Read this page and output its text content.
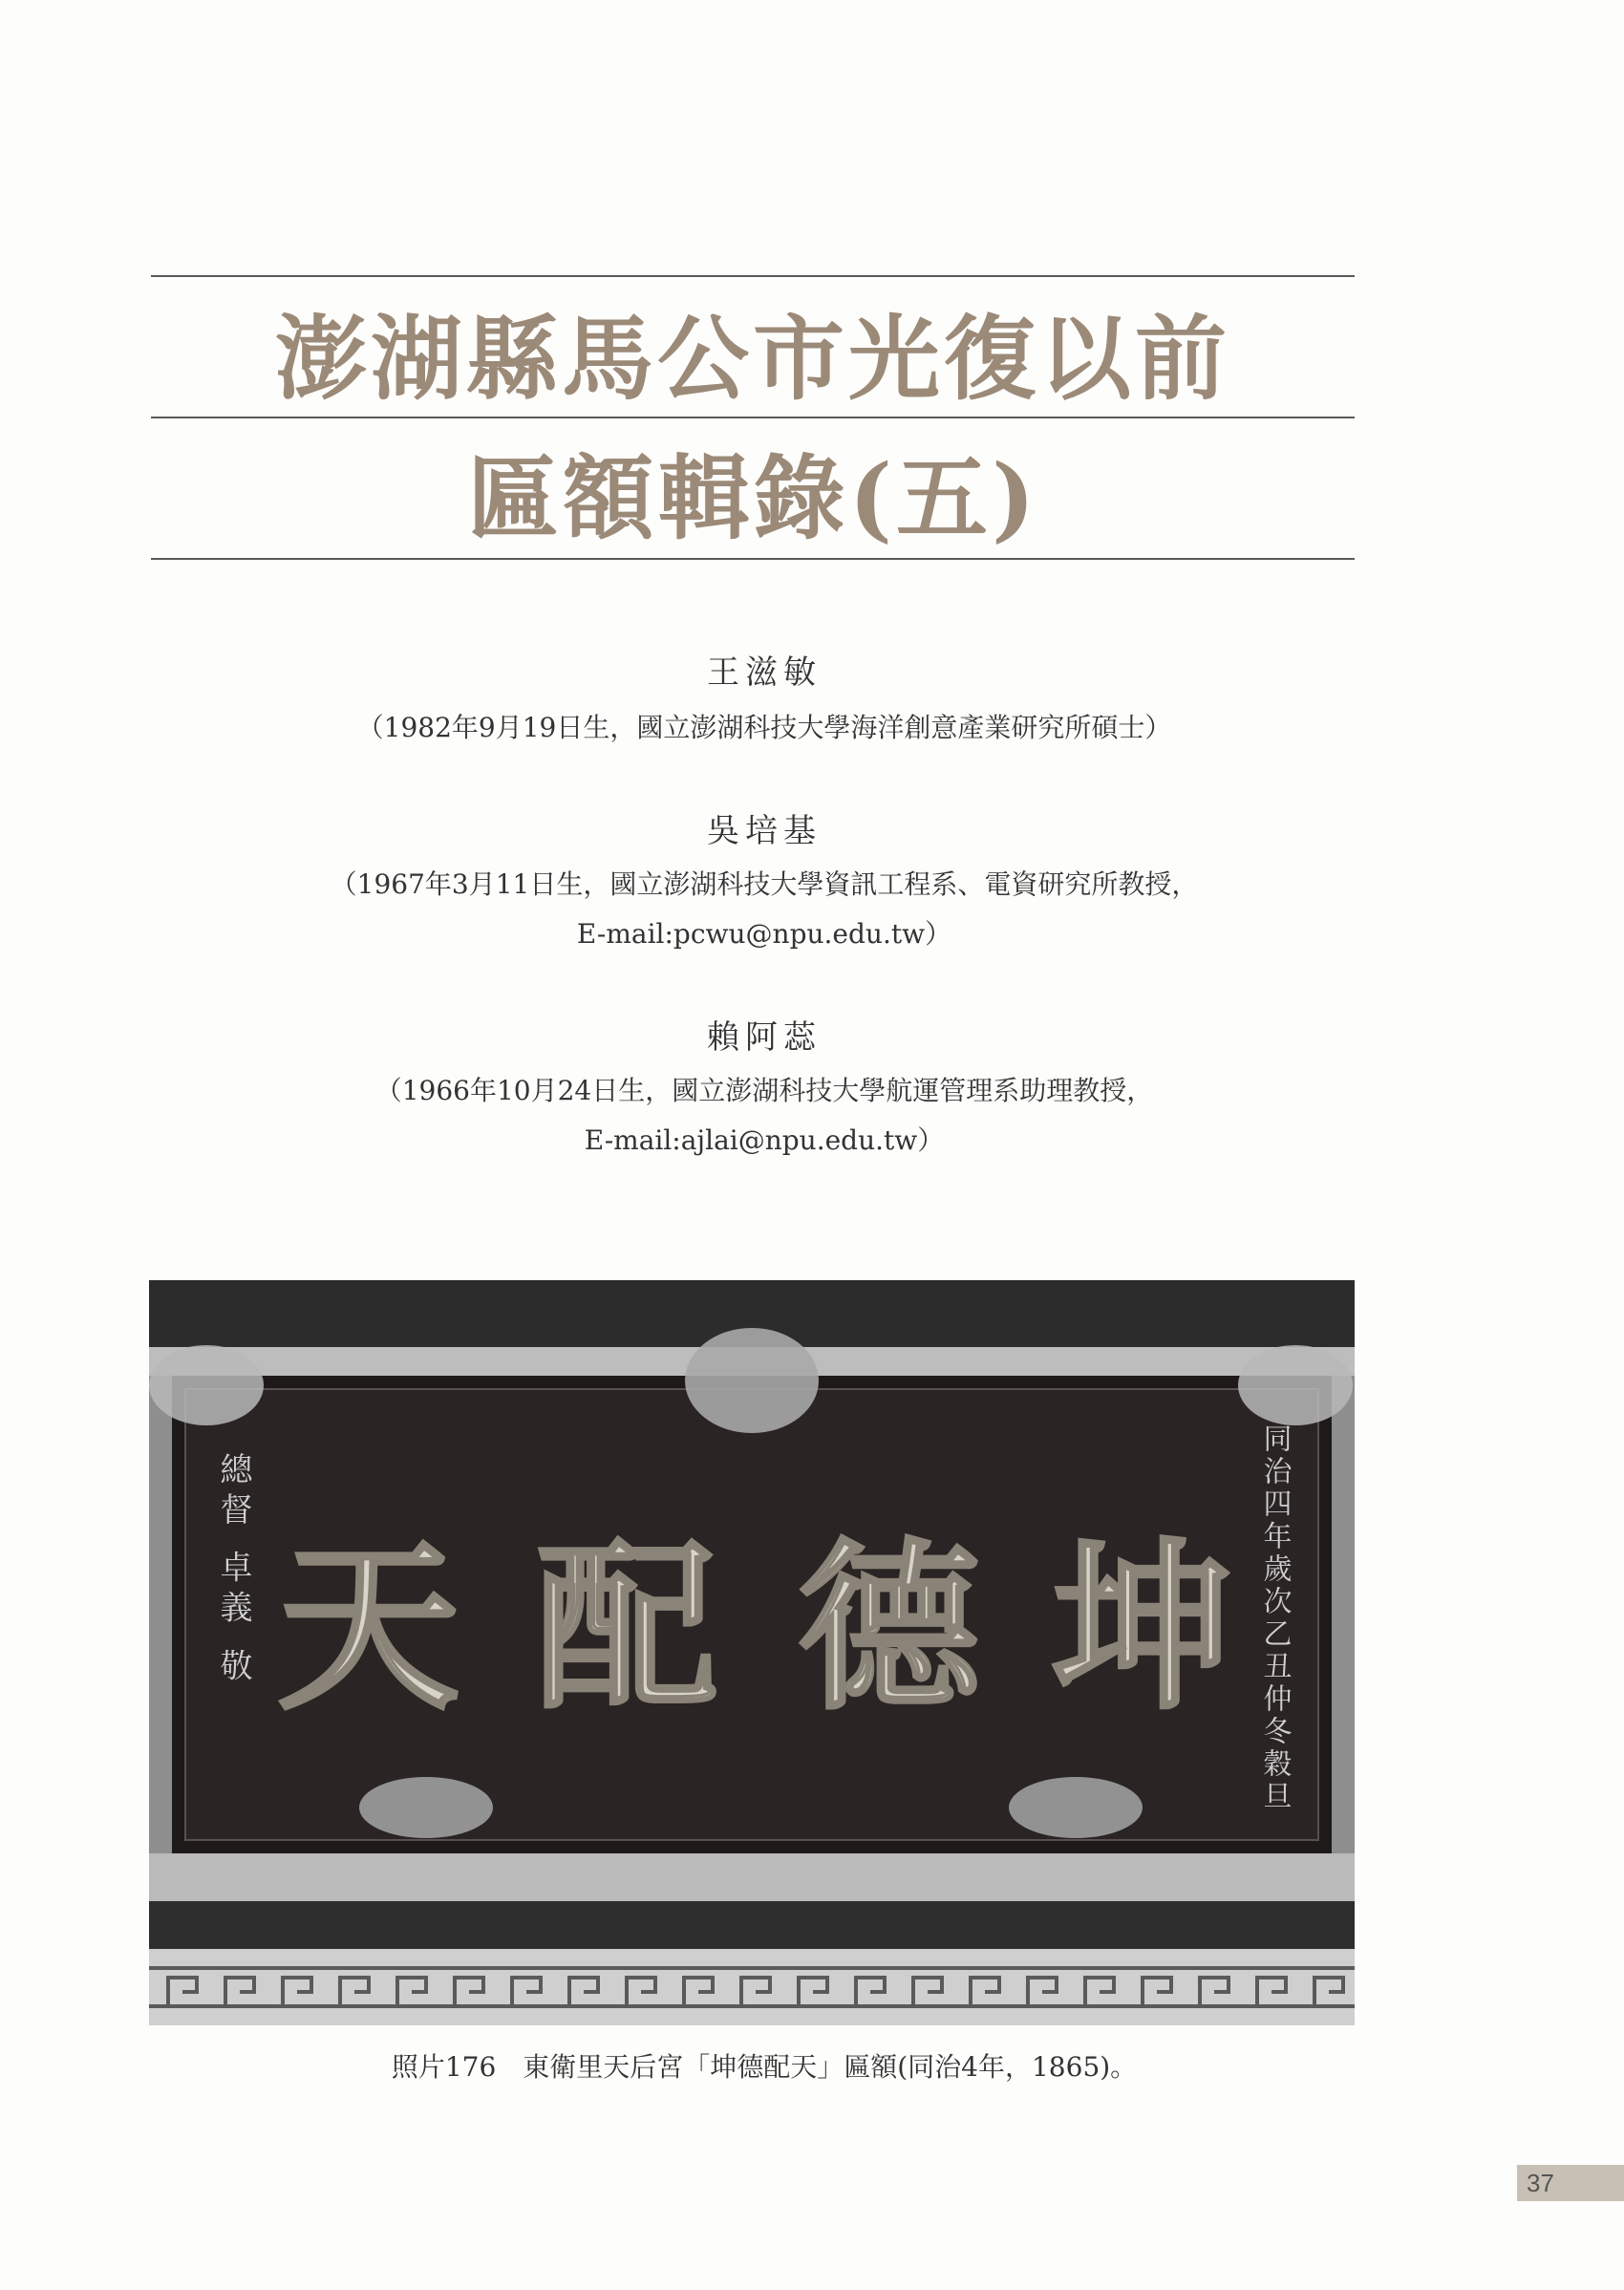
澎湖縣馬公市光復以前
匾額輯錄(五)
王滋敏
（1982年9月19日生，國立澎湖科技大學海洋創意產業研究所碩士）
吳培基
（1967年3月11日生，國立澎湖科技大學資訊工程系、電資研究所教授，
E-mail:pcwu@npu.edu.tw）
賴阿蕊
（1966年10月24日生，國立澎湖科技大學航運管理系助理教授，
E-mail:ajlai@npu.edu.tw）
總督 卓義 敬	同治四年歲次乙丑仲冬穀旦
天 配 德 坤
照片176　東衛里天后宮「坤德配天」匾額(同治4年，1865)。
37
